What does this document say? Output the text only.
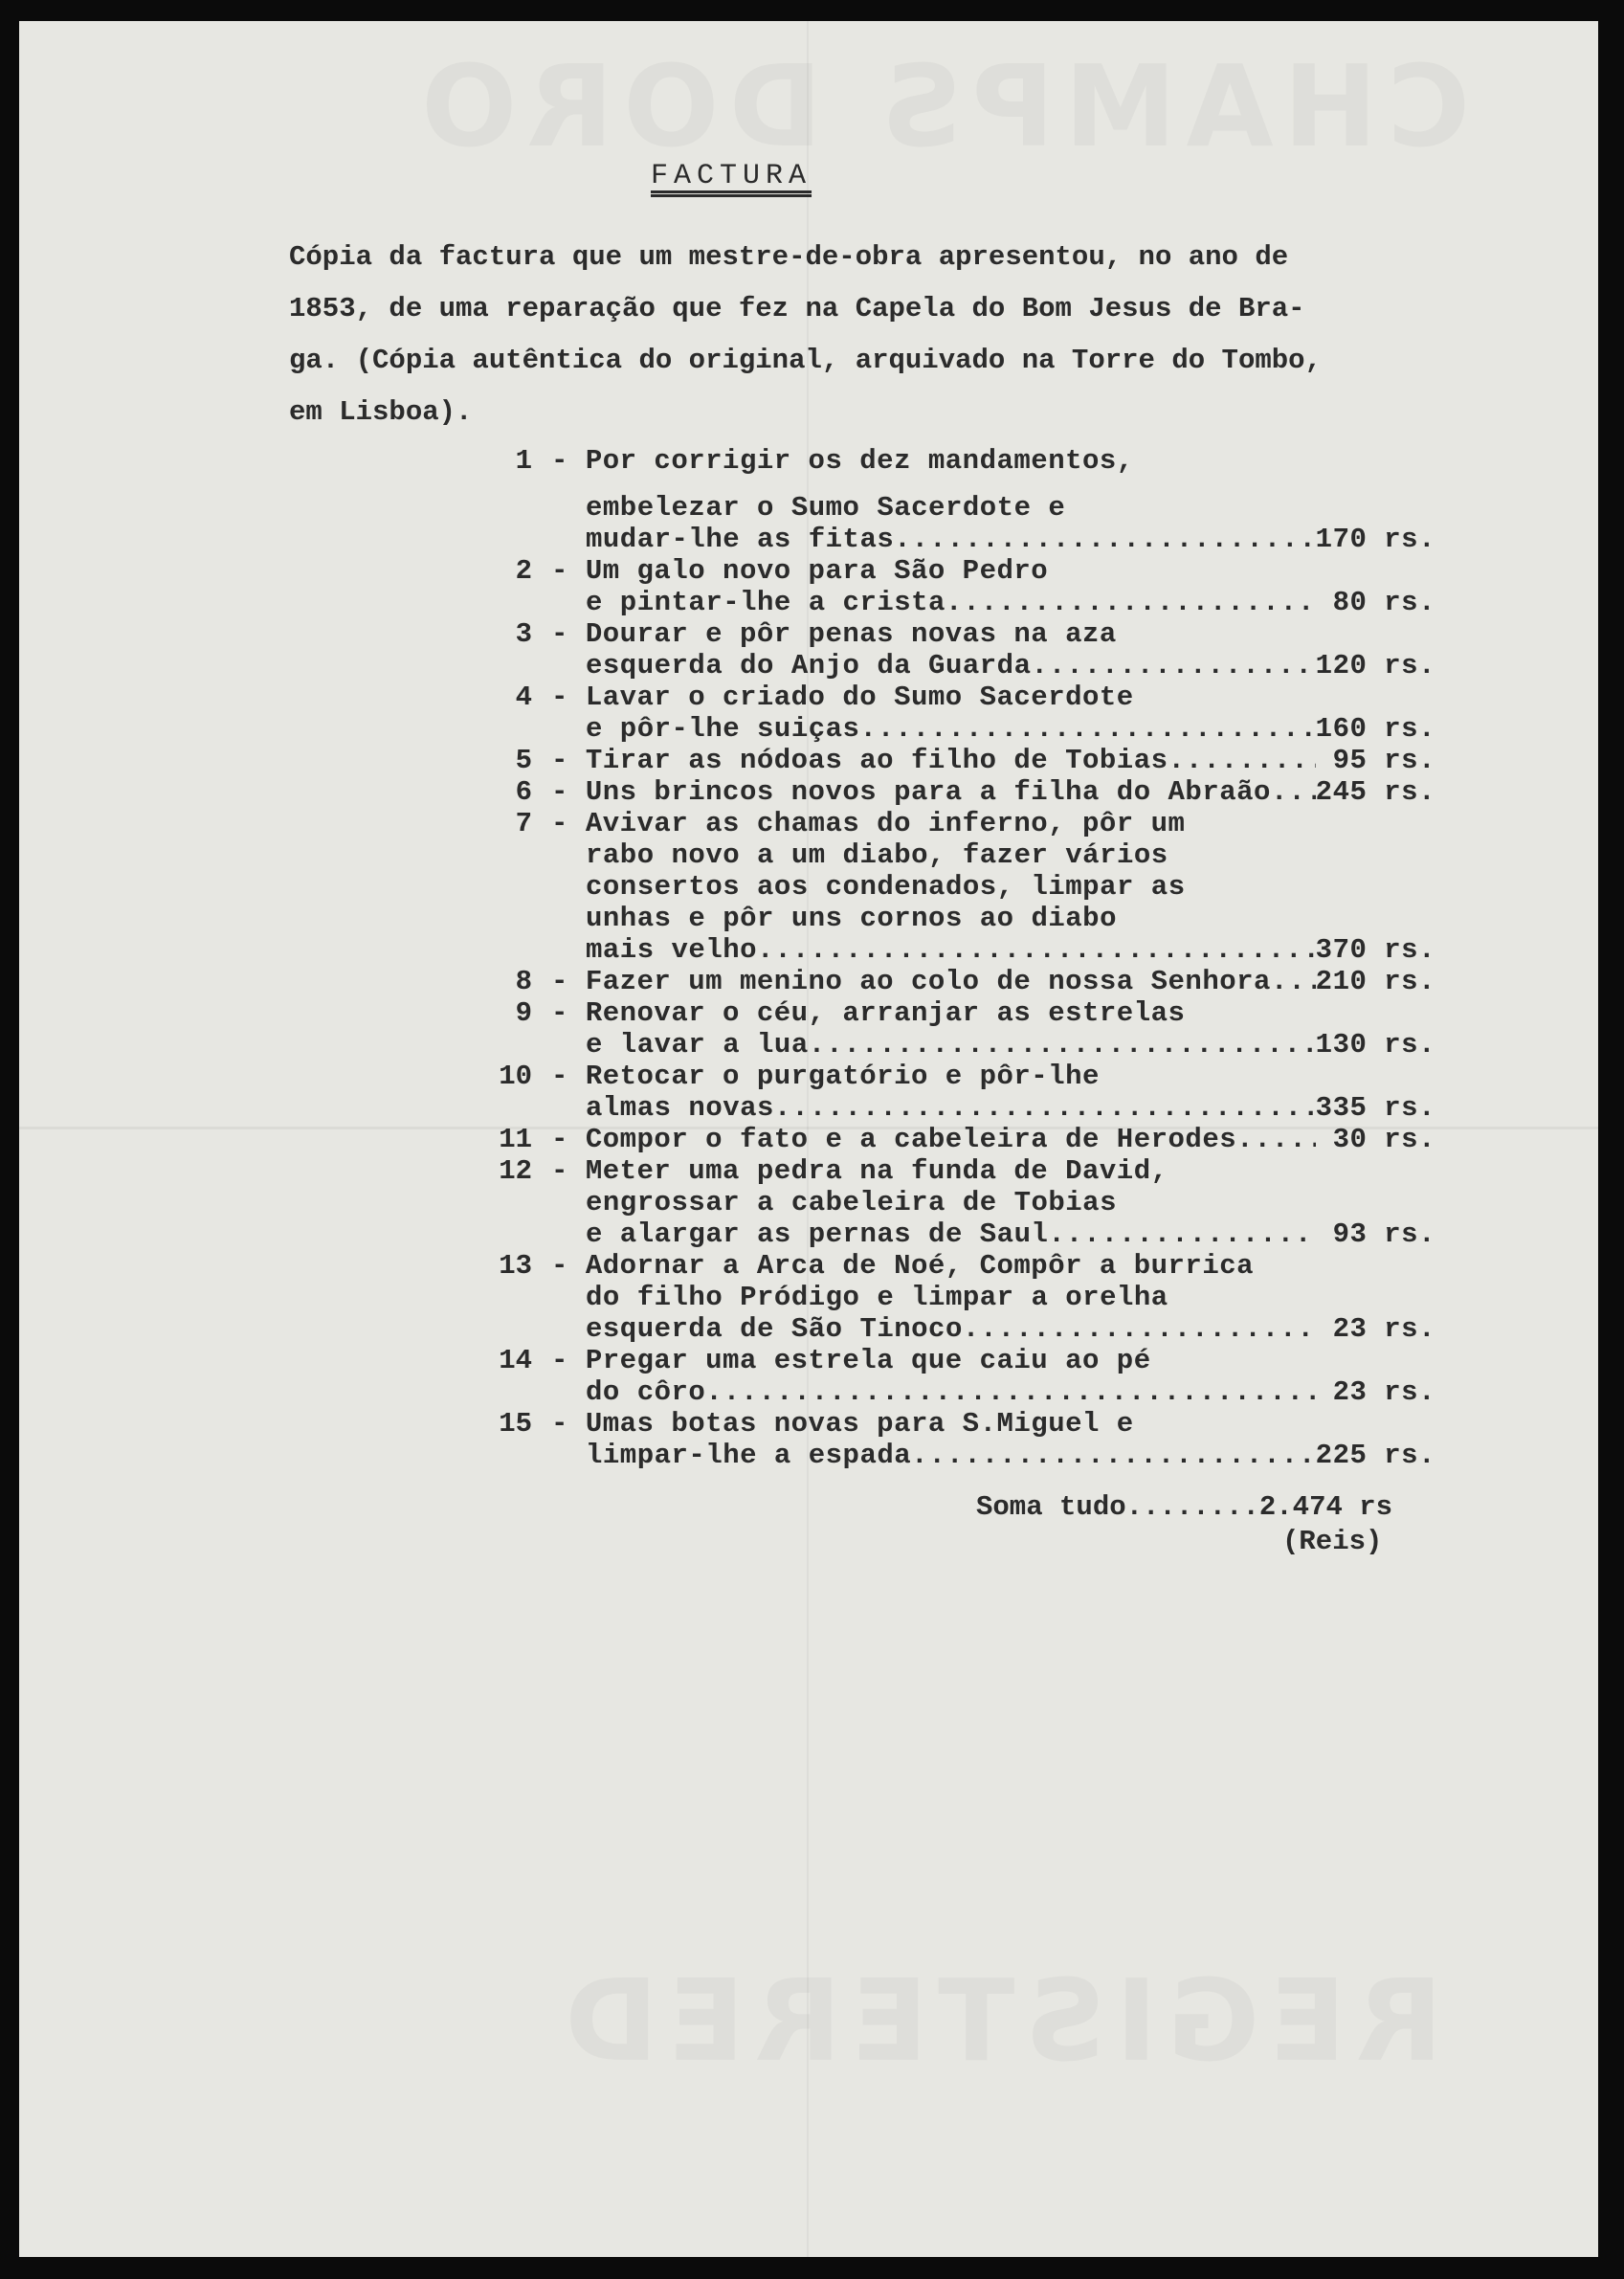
FACTURA

Cópia da factura que um mestre-de-obra apresentou, no ano de
1853, de uma reparação que fez na Capela do Bom Jesus de Bra-
ga. (Cópia autêntica do original, arquivado na Torre do Tombo,
em Lisboa).

1 - Por corrigir os dez mandamentos,
embelezar o Sumo Sacerdote e
mudar-lhe as fitas .....	170 rs.
2 - Um galo novo para São Pedro
e pintar-lhe a crista .....	80 rs.
3 - Dourar e pôr penas novas na aza
esquerda do Anjo da Guarda .....	120 rs.
4 - Lavar o criado do Sumo Sacerdote
e pôr-lhe suiças .....	160 rs.
5 - Tirar as nódoas ao filho de Tobias .....	95 rs.
6 - Uns brincos novos para a filha do Abraão ..... 245 rs.
7 - Avivar as chamas do inferno, pôr um
rabo novo a um diabo, fazer vários
consertos aos condenados, limpar as
unhas e pôr uns cornos ao diabo
mais velho .....	370 rs.
8 - Fazer um menino ao colo de nossa Senhora ..... 210 rs.
9 - Renovar o céu, arranjar as estrelas
e lavar a lua .....	130 rs.
10 - Retocar o purgatório e pôr-lhe
almas novas .....	335 rs.
11 - Compor o fato e a cabeleira de Herodes .....	30 rs.
12 - Meter uma pedra na funda de David,
engrossar a cabeleira de Tobias
e alargar as pernas de Saul .....	93 rs.
13 - Adornar a Arca de Noé, Compôr a burrica
do filho Pródigo e limpar a orelha
esquerda de São Tinoco .....	23 rs.
14 - Pregar uma estrela que caiu ao pé
do côro .....	23 rs.
15 - Umas botas novas para S.Miguel e
limpar-lhe a espada .....	225 rs.
Soma tudo........2.474 rs
(Reis)
